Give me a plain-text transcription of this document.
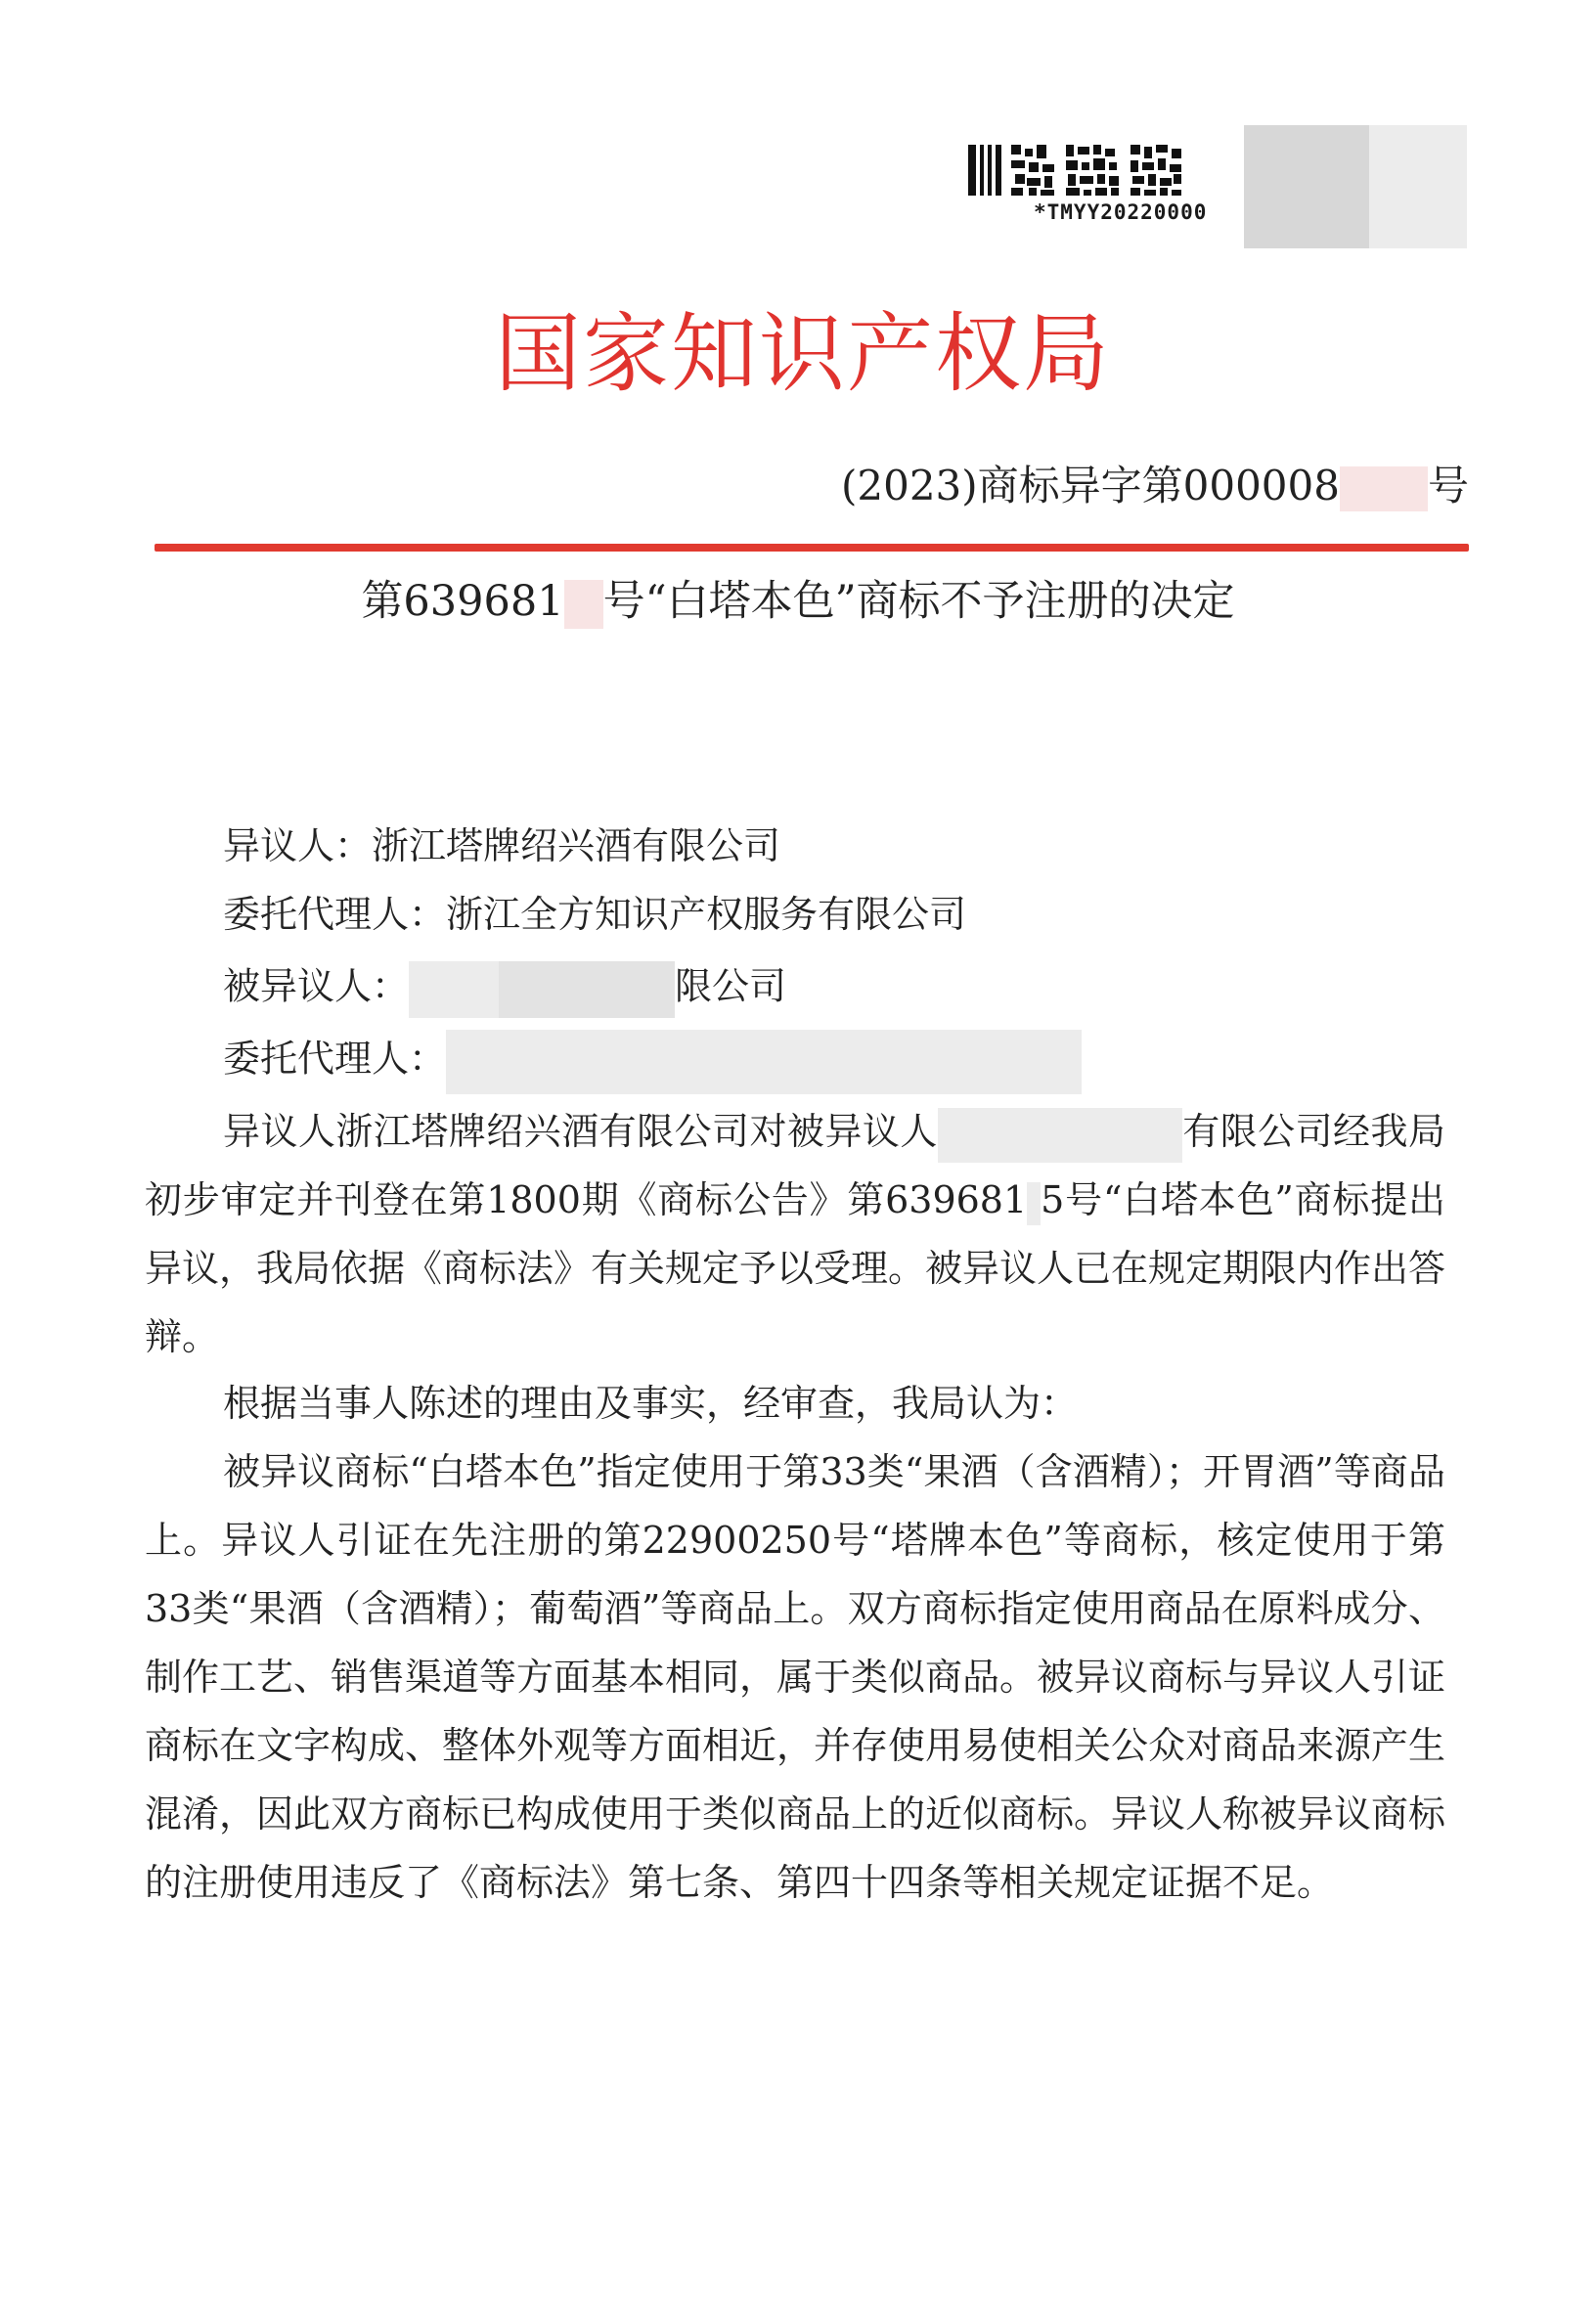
*TMYY20220000
国家知识产权局
(2023)商标异字第000008 号
第639681 号“白塔本色”商标不予注册的决定
异议人：浙江塔牌绍兴酒有限公司
委托代理人：浙江全方知识产权服务有限公司
被异议人：	限公司
委托代理人：

异议人浙江塔牌绍兴酒有限公司对被异议人	有限公司经我局初步审定并刊登在第1800期《商标公告》第639681 5号“白塔本色”商标提出异议，我局依据《商标法》有关规定予以受理。被异议人已在规定期限内作出答辩。

根据当事人陈述的理由及事实，经审查，我局认为：

被异议商标“白塔本色”指定使用于第33类“果酒（含酒精）；开胃酒”等商品上。异议人引证在先注册的第22900250号“塔牌本色”等商标，核定使用于第33类“果酒（含酒精）；葡萄酒”等商品上。双方商标指定使用商品在原料成分、制作工艺、销售渠道等方面基本相同，属于类似商品。被异议商标与异议人引证商标在文字构成、整体外观等方面相近，并存使用易使相关公众对商品来源产生混淆，因此双方商标已构成使用于类似商品上的近似商标。异议人称被异议商标的注册使用违反了《商标法》第七条、第四十四条等相关规定证据不足。
